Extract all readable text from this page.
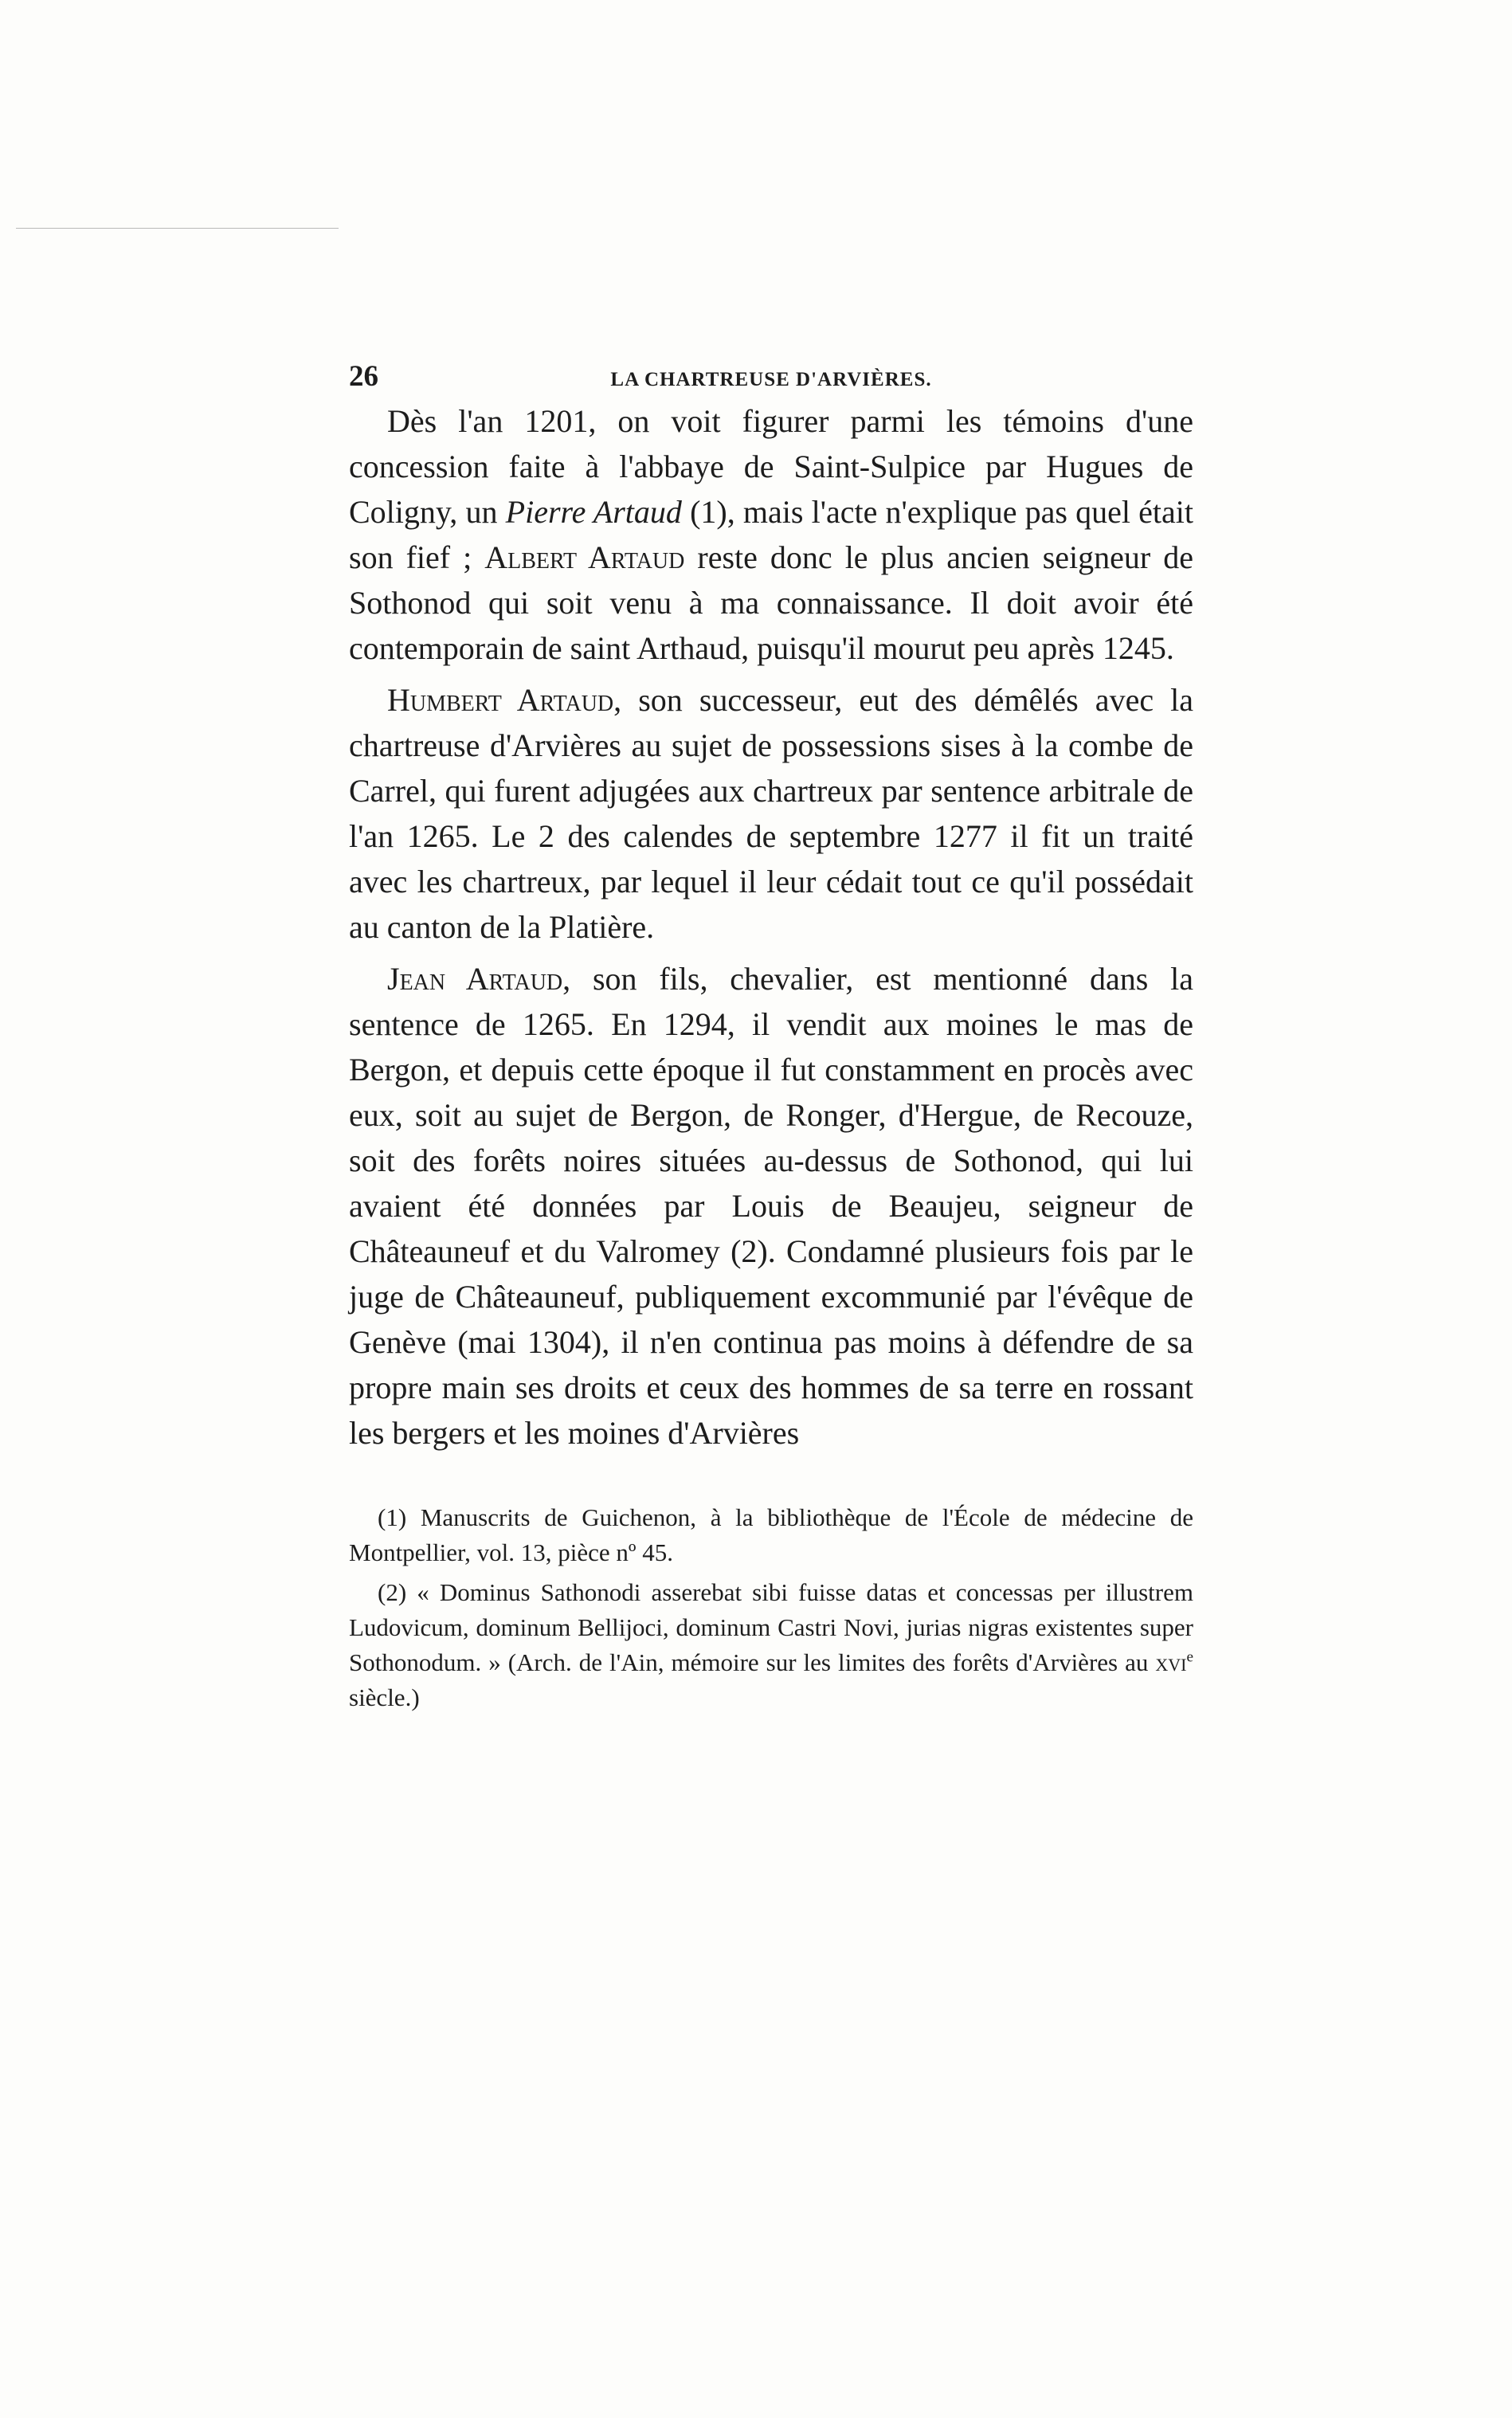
26	LA CHARTREUSE D'ARVIÈRES.

Dès l'an 1201, on voit figurer parmi les témoins d'une concession faite à l'abbaye de Saint-Sulpice par Hugues de Coligny, un Pierre Artaud (1), mais l'acte n'explique pas quel était son fief ; Albert Artaud reste donc le plus ancien seigneur de Sothonod qui soit venu à ma connaissance. Il doit avoir été contemporain de saint Arthaud, puisqu'il mourut peu après 1245.

Humbert Artaud, son successeur, eut des démêlés avec la chartreuse d'Arvières au sujet de possessions sises à la combe de Carrel, qui furent adjugées aux chartreux par sentence arbitrale de l'an 1265. Le 2 des calendes de septembre 1277 il fit un traité avec les chartreux, par lequel il leur cédait tout ce qu'il possédait au canton de la Platière.

Jean Artaud, son fils, chevalier, est mentionné dans la sentence de 1265. En 1294, il vendit aux moines le mas de Bergon, et depuis cette époque il fut constamment en procès avec eux, soit au sujet de Bergon, de Ronger, d'Hergue, de Recouze, soit des forêts noires situées au-dessus de Sothonod, qui lui avaient été données par Louis de Beaujeu, seigneur de Châteauneuf et du Valromey (2). Condamné plusieurs fois par le juge de Châteauneuf, publiquement excommunié par l'évêque de Genève (mai 1304), il n'en continua pas moins à défendre de sa propre main ses droits et ceux des hommes de sa terre en rossant les bergers et les moines d'Arvières

(1) Manuscrits de Guichenon, à la bibliothèque de l'École de médecine de Montpellier, vol. 13, pièce nº 45.

(2) « Dominus Sathonodi asserebat sibi fuisse datas et concessas per illustrem Ludovicum, dominum Bellijoci, dominum Castri Novi, jurias nigras existentes super Sothonodum. » (Arch. de l'Ain, mémoire sur les limites des forêts d'Arvières au xvi$^e$ siècle.)
